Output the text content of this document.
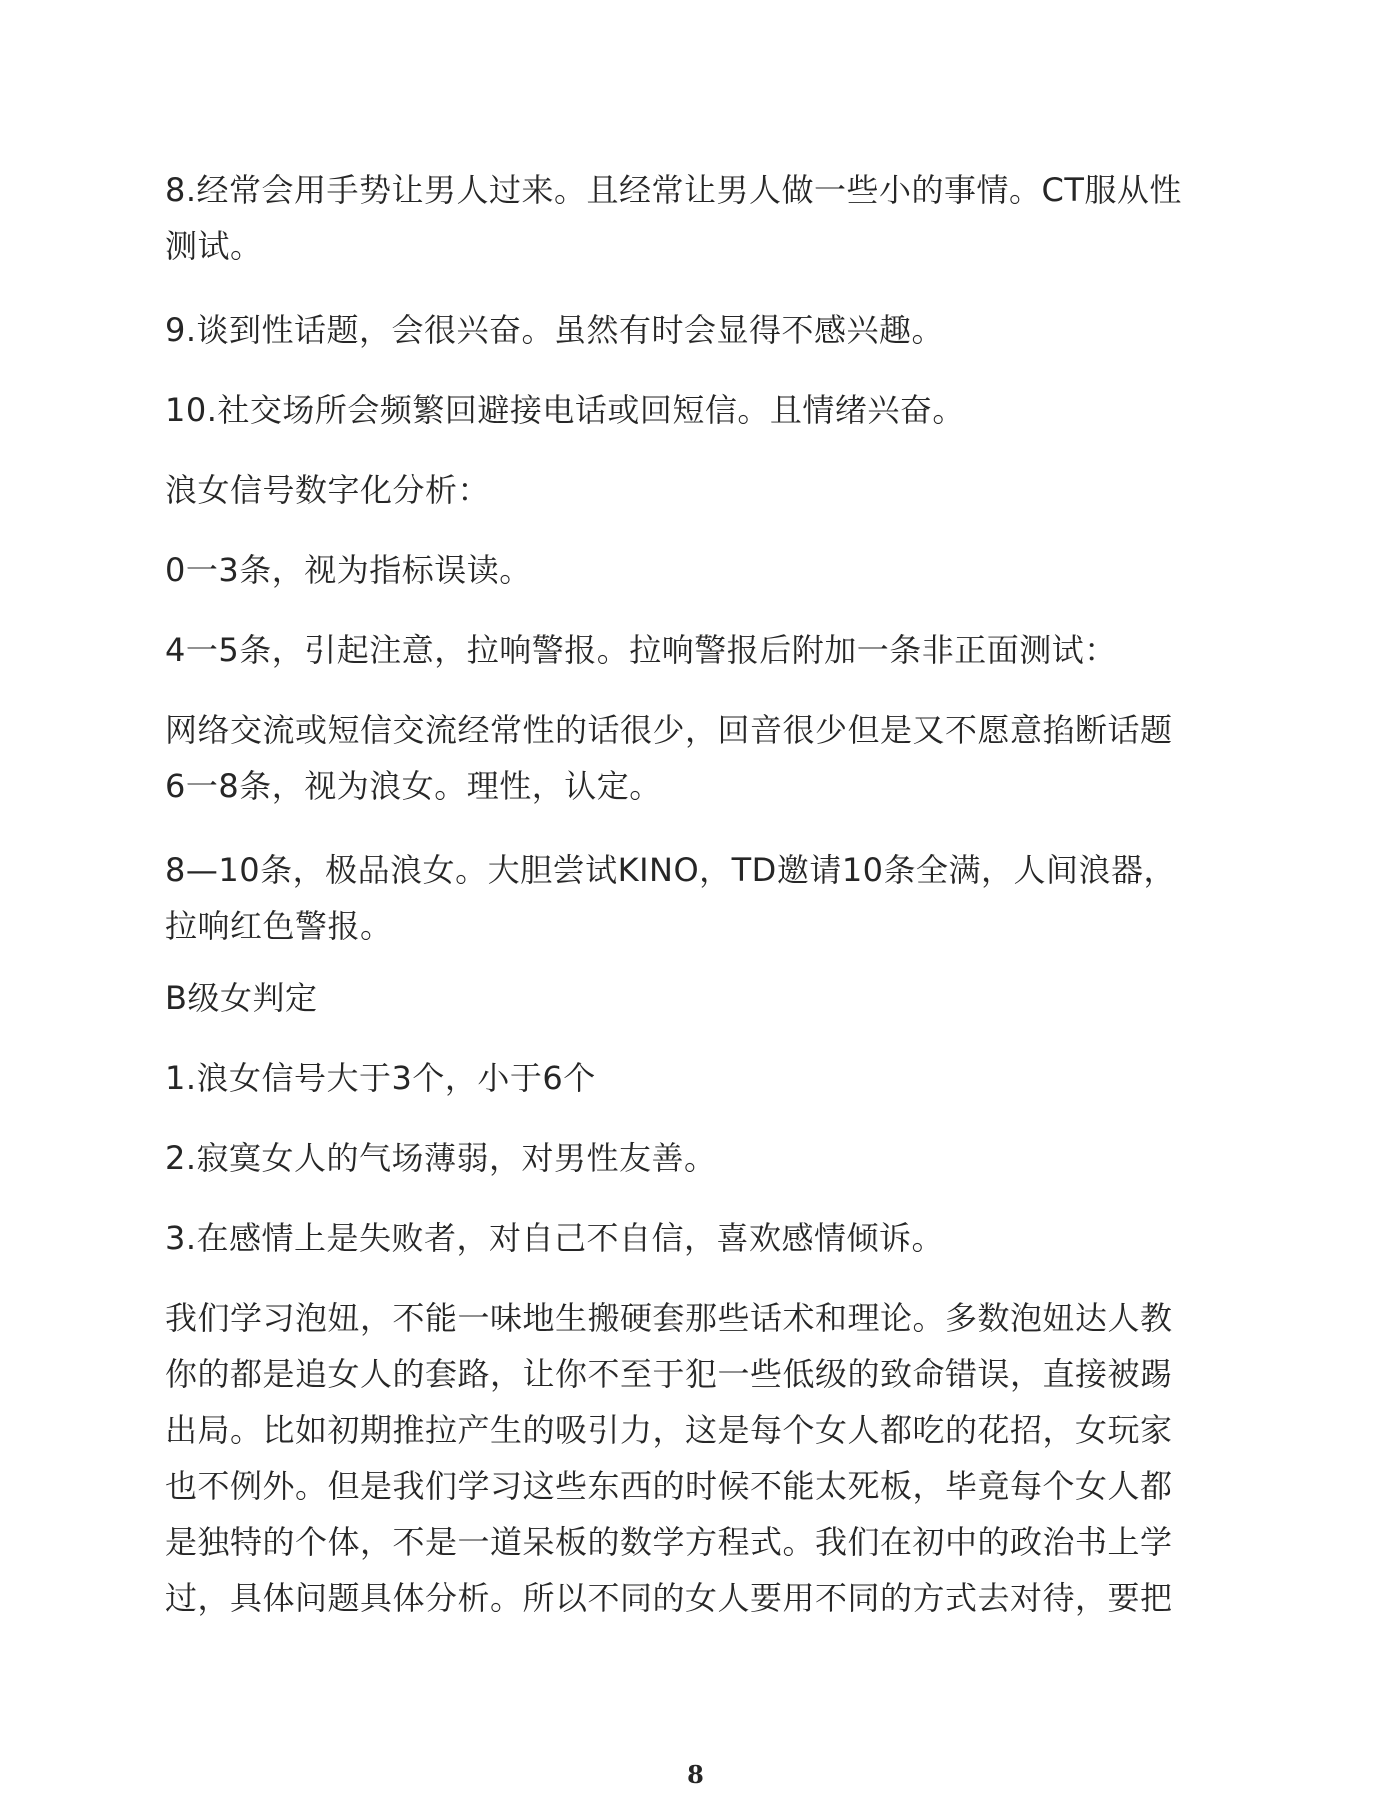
8.经常会用手势让男人过来。且经常让男人做一些小的事情。CT服从性
测试。
9.谈到性话题，会很兴奋。虽然有时会显得不感兴趣。
10.社交场所会频繁回避接电话或回短信。且情绪兴奋。
浪女信号数字化分析：
0一3条，视为指标误读。
4一5条，引起注意，拉响警报。拉响警报后附加一条非正面测试：
网络交流或短信交流经常性的话很少，回音很少但是又不愿意掐断话题
6一8条，视为浪女。理性，认定。
8—10条，极品浪女。大胆尝试KINO，TD邀请10条全满，人间浪器，
拉响红色警报。
B级女判定
1.浪女信号大于3个，小于6个
2.寂寞女人的气场薄弱，对男性友善。
3.在感情上是失败者，对自己不自信，喜欢感情倾诉。
我们学习泡妞，不能一味地生搬硬套那些话术和理论。多数泡妞达人教
你的都是追女人的套路，让你不至于犯一些低级的致命错误，直接被踢
出局。比如初期推拉产生的吸引力，这是每个女人都吃的花招，女玩家
也不例外。但是我们学习这些东西的时候不能太死板，毕竟每个女人都
是独特的个体，不是一道呆板的数学方程式。我们在初中的政治书上学
过，具体问题具体分析。所以不同的女人要用不同的方式去对待，要把
8
